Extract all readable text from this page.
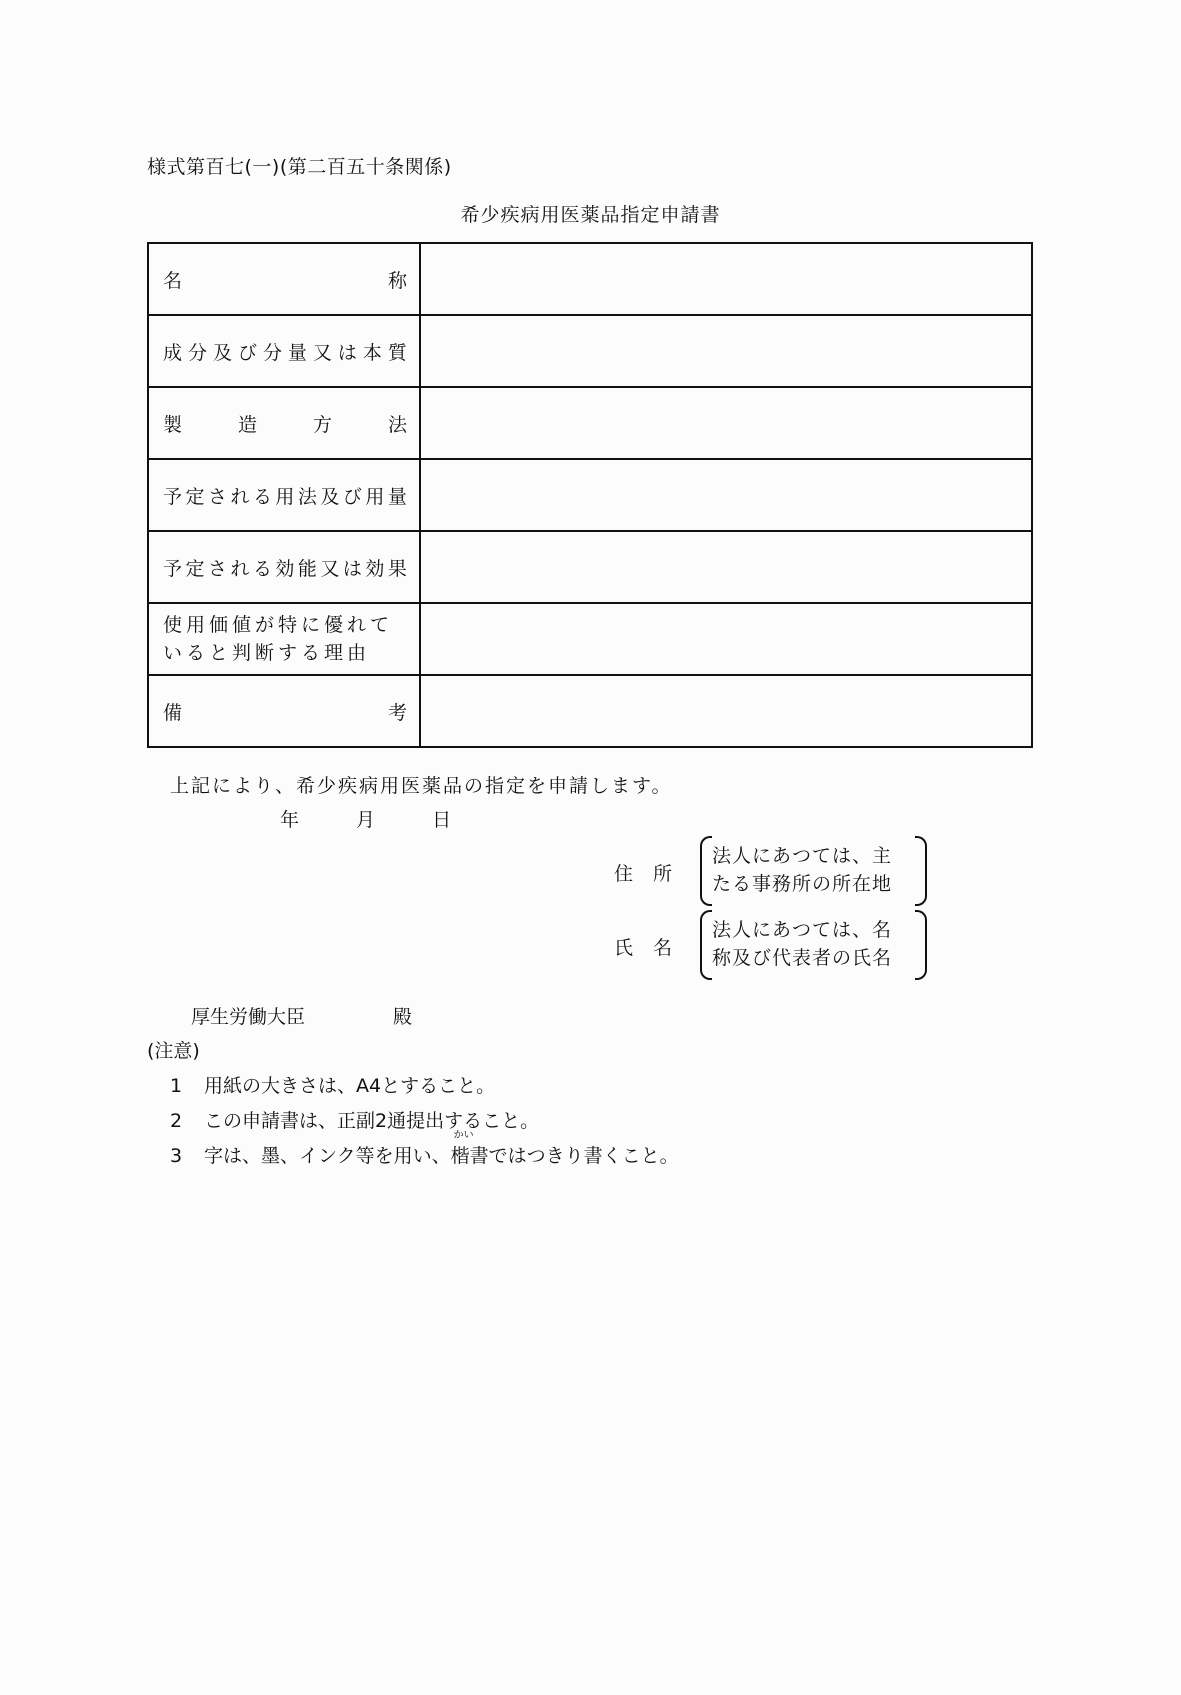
様式第百七(一)(第二百五十条関係)
希少疾病用医薬品指定申請書
名 称	

成 分 及 び 分 量 又 は 本 質

製 造 方 法	

予 定 さ れ る 用 法 及 び 用 量

予 定 さ れ る 効 能 又 は 効 果

使用価値が特に優れていると判断する理由	

備 考	

上記により、希少疾病用医薬品の指定を申請します。
年	月	日
住所
法人にあつては、主
たる事務所の所在地
氏名
法人にあつては、名
称及び代表者の氏名
厚生労働大臣	殿
(注意)
1 用紙の大きさは、A4とすること。
2 この申請書は、正副2通提出すること。
3 字は、墨、インク等を用い、
かい
楷書ではつきり書くこと。
